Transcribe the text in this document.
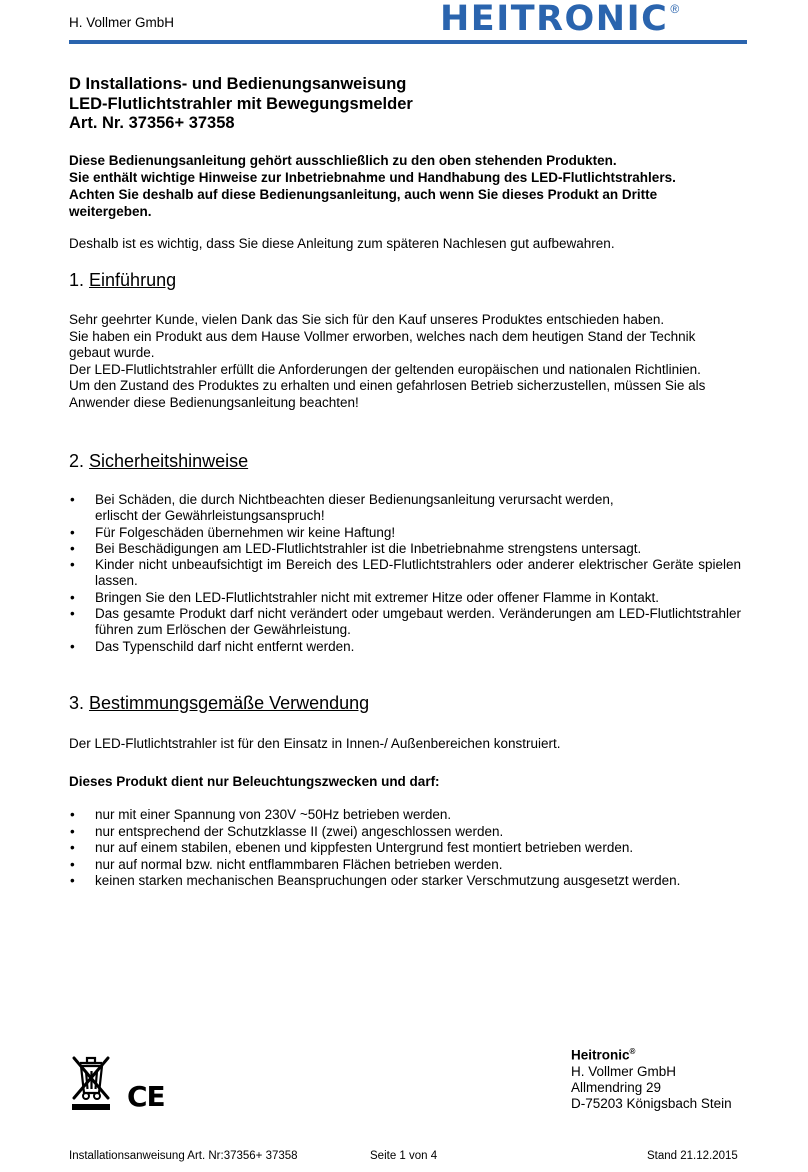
H. Vollmer GmbH	HEITRONIC ®
D Installations- und Bedienungsanweisung
LED-Flutlichtstrahler mit Bewegungsmelder
Art. Nr. 37356+ 37358
Diese Bedienungsanleitung gehört ausschließlich zu den oben stehenden Produkten.
Sie enthält wichtige Hinweise zur Inbetriebnahme und Handhabung des LED-Flutlichtstrahlers.
Achten Sie deshalb auf diese Bedienungsanleitung, auch wenn Sie dieses Produkt an Dritte
weitergeben.
Deshalb ist es wichtig, dass Sie diese Anleitung zum späteren Nachlesen gut aufbewahren.
1. Einführung
Sehr geehrter Kunde, vielen Dank das Sie sich für den Kauf unseres Produktes entschieden haben.
Sie haben ein Produkt aus dem Hause Vollmer erworben, welches nach dem heutigen Stand der Technik
gebaut wurde.
Der LED-Flutlichtstrahler erfüllt die Anforderungen der geltenden europäischen und nationalen Richtlinien.
Um den Zustand des Produktes zu erhalten und einen gefahrlosen Betrieb sicherzustellen, müssen Sie als
Anwender diese Bedienungsanleitung beachten!
2. Sicherheitshinweise
• Bei Schäden, die durch Nichtbeachten dieser Bedienungsanleitung verursacht werden,
erlischt der Gewährleistungsanspruch!
• Für Folgeschäden übernehmen wir keine Haftung!
• Bei Beschädigungen am LED-Flutlichtstrahler ist die Inbetriebnahme strengstens untersagt.
• Kinder nicht unbeaufsichtigt im Bereich des LED-Flutlichtstrahlers oder anderer elektrischer Geräte spielen lassen.
• Bringen Sie den LED-Flutlichtstrahler nicht mit extremer Hitze oder offener Flamme in Kontakt.
• Das gesamte Produkt darf nicht verändert oder umgebaut werden. Veränderungen am LED-Flutlichtstrahler führen zum Erlöschen der Gewährleistung.
• Das Typenschild darf nicht entfernt werden.
3. Bestimmungsgemäße Verwendung
Der LED-Flutlichtstrahler ist für den Einsatz in Innen-/ Außenbereichen konstruiert.
Dieses Produkt dient nur Beleuchtungszwecken und darf:
• nur mit einer Spannung von 230V ~50Hz betrieben werden.
• nur entsprechend der Schutzklasse II (zwei) angeschlossen werden.
• nur auf einem stabilen, ebenen und kippfesten Untergrund fest montiert betrieben werden.
• nur auf normal bzw. nicht entflammbaren Flächen betrieben werden.
• keinen starken mechanischen Beanspruchungen oder starker Verschmutzung ausgesetzt werden.
CE
Heitronic®
H. Vollmer GmbH
Allmendring 29
D-75203 Königsbach Stein
Installationsanweisung Art. Nr:37356+ 37358	Seite 1 von 4	Stand 21.12.2015
